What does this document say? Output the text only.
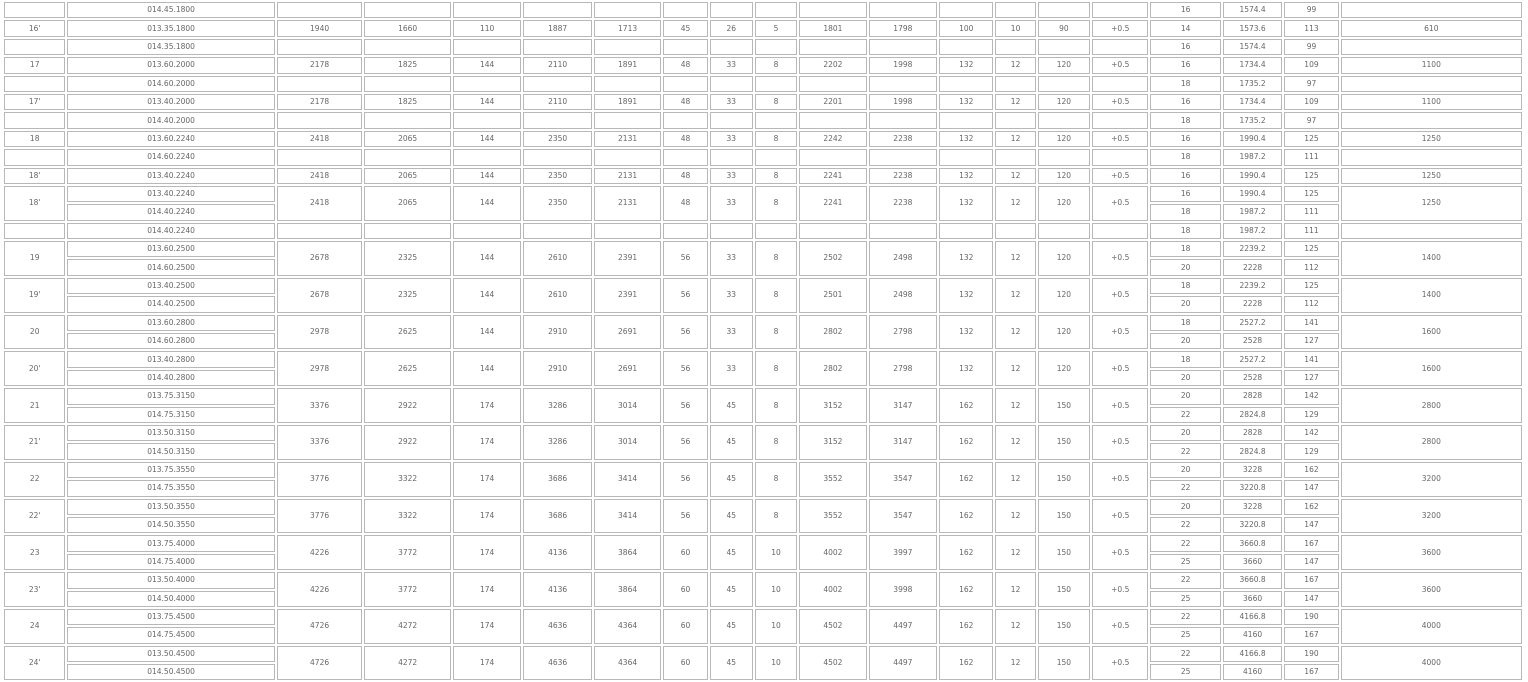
	014.45.1800															16	1574.4	99	
16'	013.35.1800	1940	1660	110	1887	1713	45	26	5	1801	1798	100	10	90	+0.5	14	1573.6	113	610
	014.35.1800															16	1574.4	99	
17	013.60.2000	2178	1825	144	2110	1891	48	33	8	2202	1998	132	12	120	+0.5	16	1734.4	109	1100
	014.60.2000															18	1735.2	97	
17'	013.40.2000	2178	1825	144	2110	1891	48	33	8	2201	1998	132	12	120	+0.5	16	1734.4	109	1100
	014.40.2000															18	1735.2	97	
18	013.60.2240	2418	2065	144	2350	2131	48	33	8	2242	2238	132	12	120	+0.5	16	1990.4	125	1250
	014.60.2240															18	1987.2	111	
18'	013.40.2240	2418	2065	144	2350	2131	48	33	8	2241	2238	132	12	120	+0.5	16	1990.4	125	1250
18'	013.40.2240	2418	2065	144	2350	2131	48	33	8	2241	2238	132	12	120	+0.5	16	1990.4	125	1250
	014.40.2240															18	1987.2	111	
	014.40.2240															18	1987.2	111	
19	013.60.2500	2678	2325	144	2610	2391	56	33	8	2502	2498	132	12	120	+0.5	18	2239.2	125	1400
	014.60.2500															20	2228	112	
19'	013.40.2500	2678	2325	144	2610	2391	56	33	8	2501	2498	132	12	120	+0.5	18	2239.2	125	1400
	014.40.2500															20	2228	112	
20	013.60.2800	2978	2625	144	2910	2691	56	33	8	2802	2798	132	12	120	+0.5	18	2527.2	141	1600
	014.60.2800															20	2528	127	
20'	013.40.2800	2978	2625	144	2910	2691	56	33	8	2802	2798	132	12	120	+0.5	18	2527.2	141	1600
	014.40.2800															20	2528	127	
21	013.75.3150	3376	2922	174	3286	3014	56	45	8	3152	3147	162	12	150	+0.5	20	2828	142	2800
	014.75.3150															22	2824.8	129	
21'	013.50.3150	3376	2922	174	3286	3014	56	45	8	3152	3147	162	12	150	+0.5	20	2828	142	2800
	014.50.3150															22	2824.8	129	
22	013.75.3550	3776	3322	174	3686	3414	56	45	8	3552	3547	162	12	150	+0.5	20	3228	162	3200
	014.75.3550															22	3220.8	147	
22'	013.50.3550	3776	3322	174	3686	3414	56	45	8	3552	3547	162	12	150	+0.5	20	3228	162	3200
	014.50.3550															22	3220.8	147	
23	013.75.4000	4226	3772	174	4136	3864	60	45	10	4002	3997	162	12	150	+0.5	22	3660.8	167	3600
	014.75.4000															25	3660	147	
23'	013.50.4000	4226	3772	174	4136	3864	60	45	10	4002	3998	162	12	150	+0.5	22	3660.8	167	3600
	014.50.4000															25	3660	147	
24	013.75.4500	4726	4272	174	4636	4364	60	45	10	4502	4497	162	12	150	+0.5	22	4166.8	190	4000
	014.75.4500															25	4160	167	
24'	013.50.4500	4726	4272	174	4636	4364	60	45	10	4502	4497	162	12	150	+0.5	22	4166.8	190	4000
	014.50.4500															25	4160	167	
